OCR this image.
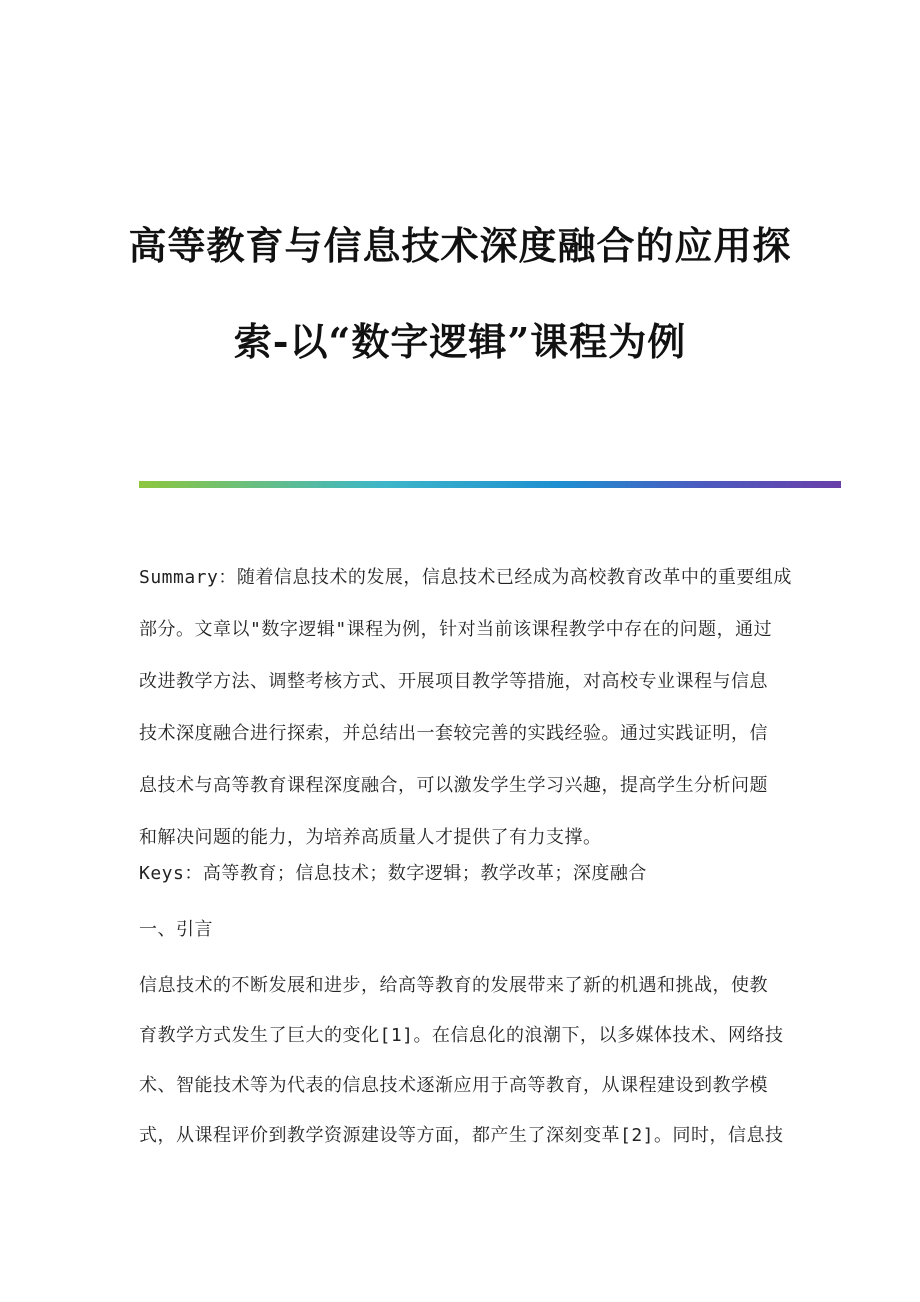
高等教育与信息技术深度融合的应用探
索-以“数字逻辑”课程为例
Summary：随着信息技术的发展，信息技术已经成为高校教育改革中的重要组成
部分。文章以"数字逻辑"课程为例，针对当前该课程教学中存在的问题，通过
改进教学方法、调整考核方式、开展项目教学等措施，对高校专业课程与信息
技术深度融合进行探索，并总结出一套较完善的实践经验。通过实践证明，信
息技术与高等教育课程深度融合，可以激发学生学习兴趣，提高学生分析问题
和解决问题的能力，为培养高质量人才提供了有力支撑。
Keys：高等教育；信息技术；数字逻辑；教学改革；深度融合
一、引言
信息技术的不断发展和进步，给高等教育的发展带来了新的机遇和挑战，使教
育教学方式发生了巨大的变化[1]。在信息化的浪潮下，以多媒体技术、网络技
术、智能技术等为代表的信息技术逐渐应用于高等教育，从课程建设到教学模
式，从课程评价到教学资源建设等方面，都产生了深刻变革[2]。同时，信息技
